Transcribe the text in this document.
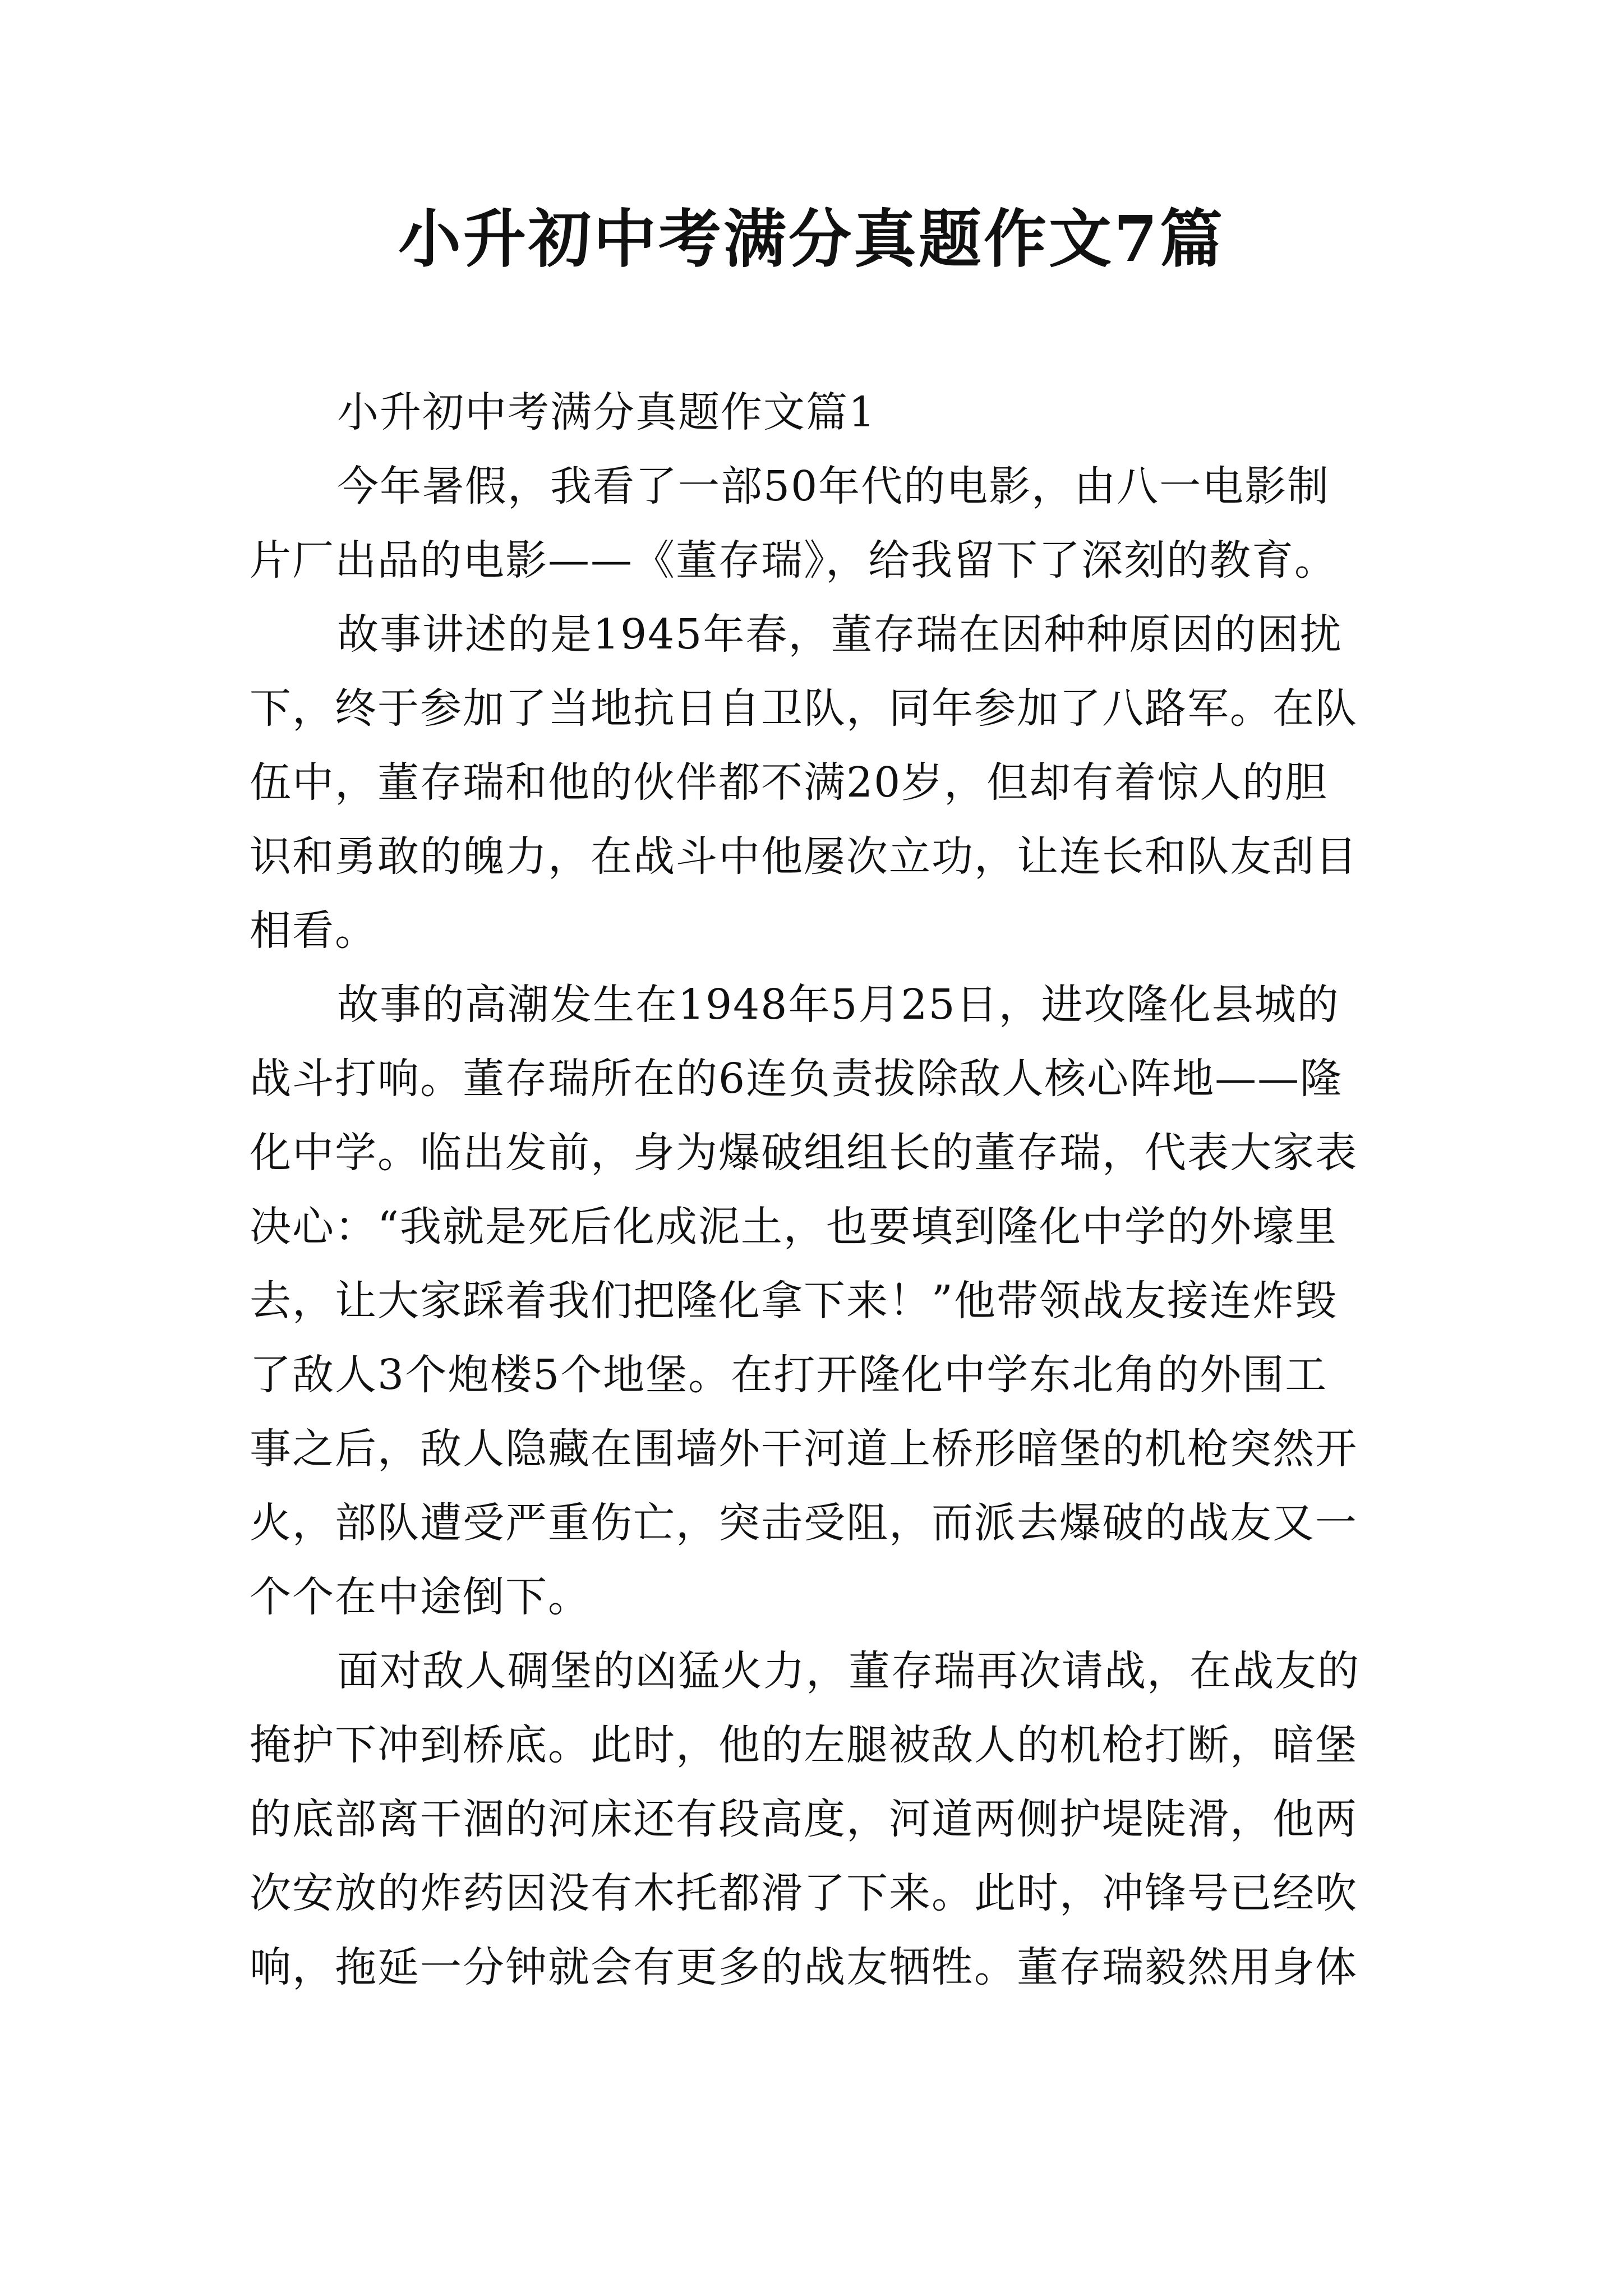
小升初中考满分真题作文7篇
小升初中考满分真题作文篇1
今年暑假，我看了一部50年代的电影，由八一电影制
片厂出品的电影——《董存瑞》，给我留下了深刻的教育。
故事讲述的是1945年春，董存瑞在因种种原因的困扰
下，终于参加了当地抗日自卫队，同年参加了八路军。在队
伍中，董存瑞和他的伙伴都不满20岁，但却有着惊人的胆
识和勇敢的魄力，在战斗中他屡次立功，让连长和队友刮目
相看。
故事的高潮发生在1948年5月25日，进攻隆化县城的
战斗打响。董存瑞所在的6连负责拔除敌人核心阵地——隆
化中学。临出发前，身为爆破组组长的董存瑞，代表大家表
决心：“我就是死后化成泥土，也要填到隆化中学的外壕里
去，让大家踩着我们把隆化拿下来！”他带领战友接连炸毁
了敌人3个炮楼5个地堡。在打开隆化中学东北角的外围工
事之后，敌人隐藏在围墙外干河道上桥形暗堡的机枪突然开
火，部队遭受严重伤亡，突击受阻，而派去爆破的战友又一
个个在中途倒下。
面对敌人碉堡的凶猛火力，董存瑞再次请战，在战友的
掩护下冲到桥底。此时，他的左腿被敌人的机枪打断，暗堡
的底部离干涸的河床还有段高度，河道两侧护堤陡滑，他两
次安放的炸药因没有木托都滑了下来。此时，冲锋号已经吹
响，拖延一分钟就会有更多的战友牺牲。董存瑞毅然用身体
